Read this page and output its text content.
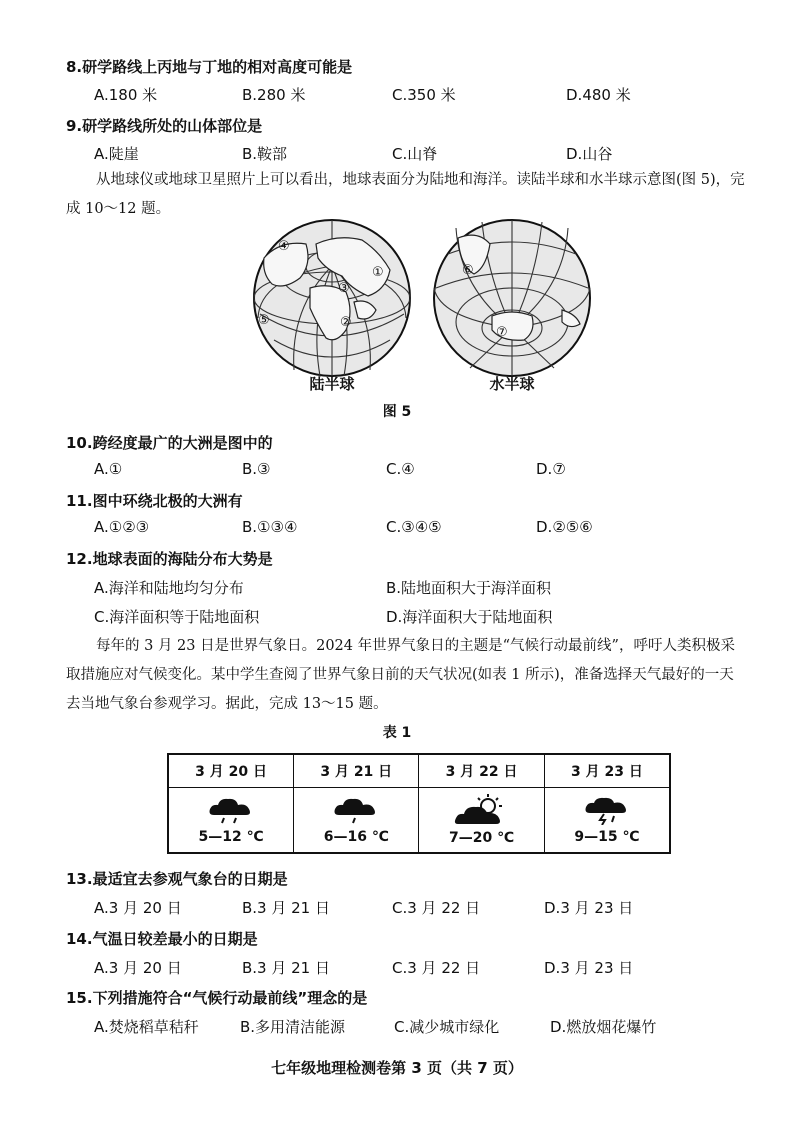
8.研学路线上丙地与丁地的相对高度可能是
A.180 米	B.280 米	C.350 米	D.480 米
9.研学路线所处的山体部位是
A.陡崖	B.鞍部	C.山脊	D.山谷
从地球仪或地球卫星照片上可以看出，地球表面分为陆地和海洋。读陆半球和水半球示意图(图 5)，完成 10～12 题。
④
①
③
②
⑤
陆半球
⑥
⑦
水半球
图 5
10.跨经度最广的大洲是图中的
A.①	B.③	C.④	D.⑦
11.图中环绕北极的大洲有
A.①②③	B.①③④	C.③④⑤	D.②⑤⑥
12.地球表面的海陆分布大势是
A.海洋和陆地均匀分布	B.陆地面积大于海洋面积
C.海洋面积等于陆地面积	D.海洋面积大于陆地面积
每年的 3 月 23 日是世界气象日。2024 年世界气象日的主题是“气候行动最前线”，呼吁人类积极采取措施应对气候变化。某中学生查阅了世界气象日前的天气状况(如表 1 所示)，准备选择天气最好的一天去当地气象台参观学习。据此，完成 13～15 题。
表 1
3 月 20 日	3 月 21 日	3 月 22 日	3 月 23 日

5—12 ℃	6—16 ℃	7—20 ℃	9—15 ℃
13.最适宜去参观气象台的日期是
A.3 月 20 日	B.3 月 21 日	C.3 月 22 日	D.3 月 23 日
14.气温日较差最小的日期是
A.3 月 20 日	B.3 月 21 日	C.3 月 22 日	D.3 月 23 日
15.下列措施符合“气候行动最前线”理念的是
A.焚烧稻草秸秆	B.多用清洁能源	C.减少城市绿化	D.燃放烟花爆竹
七年级地理检测卷第 3 页（共 7 页）
